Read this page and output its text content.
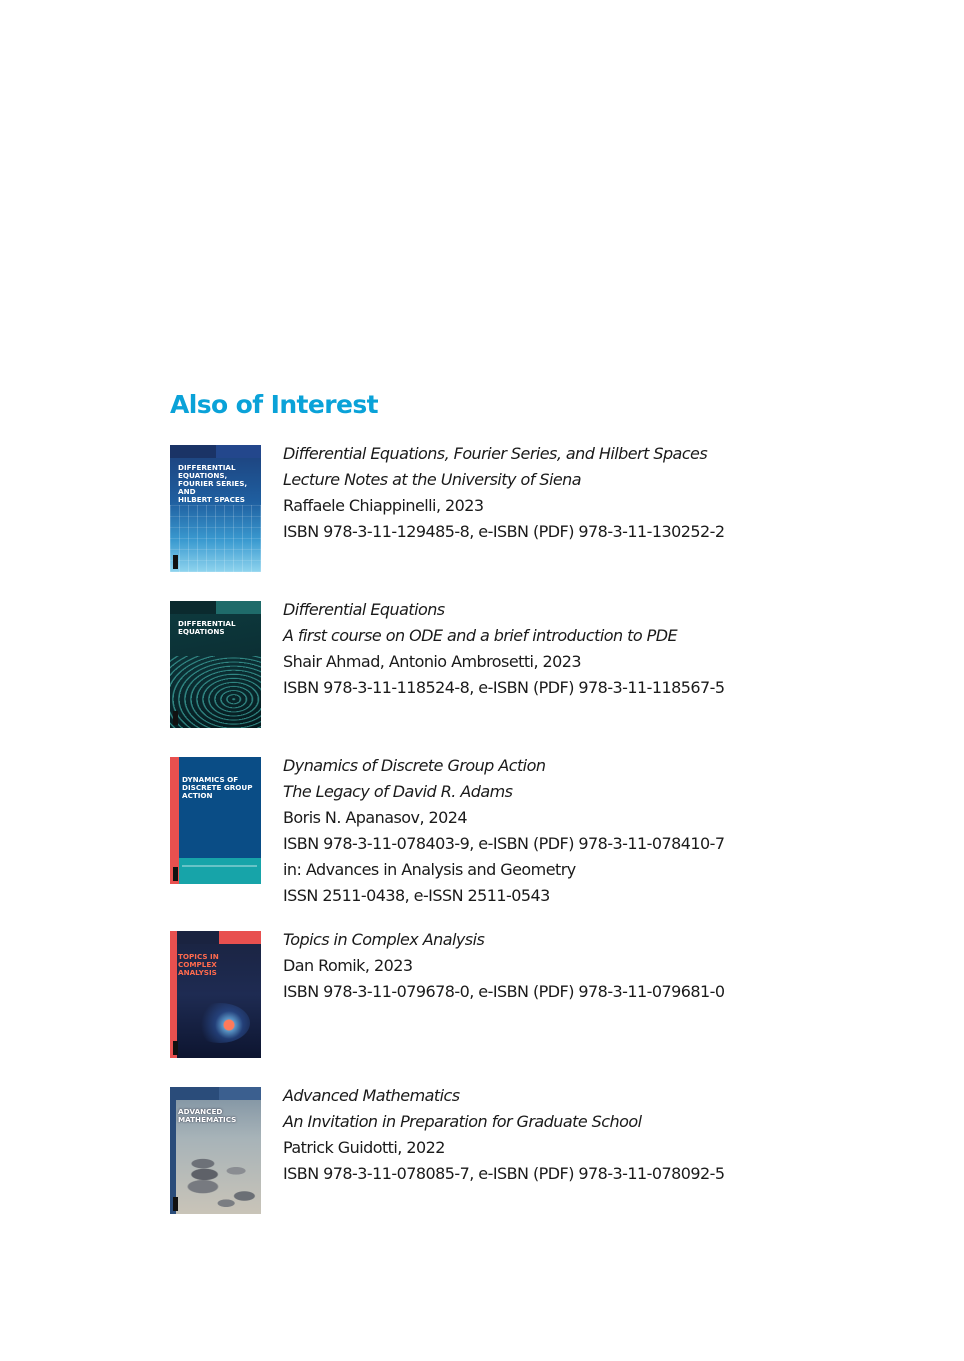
Also of Interest
DIFFERENTIAL
EQUATIONS,
FOURIER SERIES, AND
HILBERT SPACES
Differential Equations, Fourier Series, and Hilbert Spaces
Lecture Notes at the University of Siena
Raffaele Chiappinelli, 2023
ISBN 978-3-11-129485-8, e-ISBN (PDF) 978-3-11-130252-2
DIFFERENTIAL
EQUATIONS
Differential Equations
A first course on ODE and a brief introduction to PDE
Shair Ahmad, Antonio Ambrosetti, 2023
ISBN 978-3-11-118524-8, e-ISBN (PDF) 978-3-11-118567-5
DYNAMICS OF
DISCRETE GROUP
ACTION
Dynamics of Discrete Group Action
The Legacy of David R. Adams
Boris N. Apanasov, 2024
ISBN 978-3-11-078403-9, e-ISBN (PDF) 978-3-11-078410-7
in: Advances in Analysis and Geometry
ISSN 2511-0438, e-ISSN 2511-0543
TOPICS IN
COMPLEX
ANALYSIS
Topics in Complex Analysis
Dan Romik, 2023
ISBN 978-3-11-079678-0, e-ISBN (PDF) 978-3-11-079681-0
ADVANCED
MATHEMATICS
Advanced Mathematics
An Invitation in Preparation for Graduate School
Patrick Guidotti, 2022
ISBN 978-3-11-078085-7, e-ISBN (PDF) 978-3-11-078092-5
